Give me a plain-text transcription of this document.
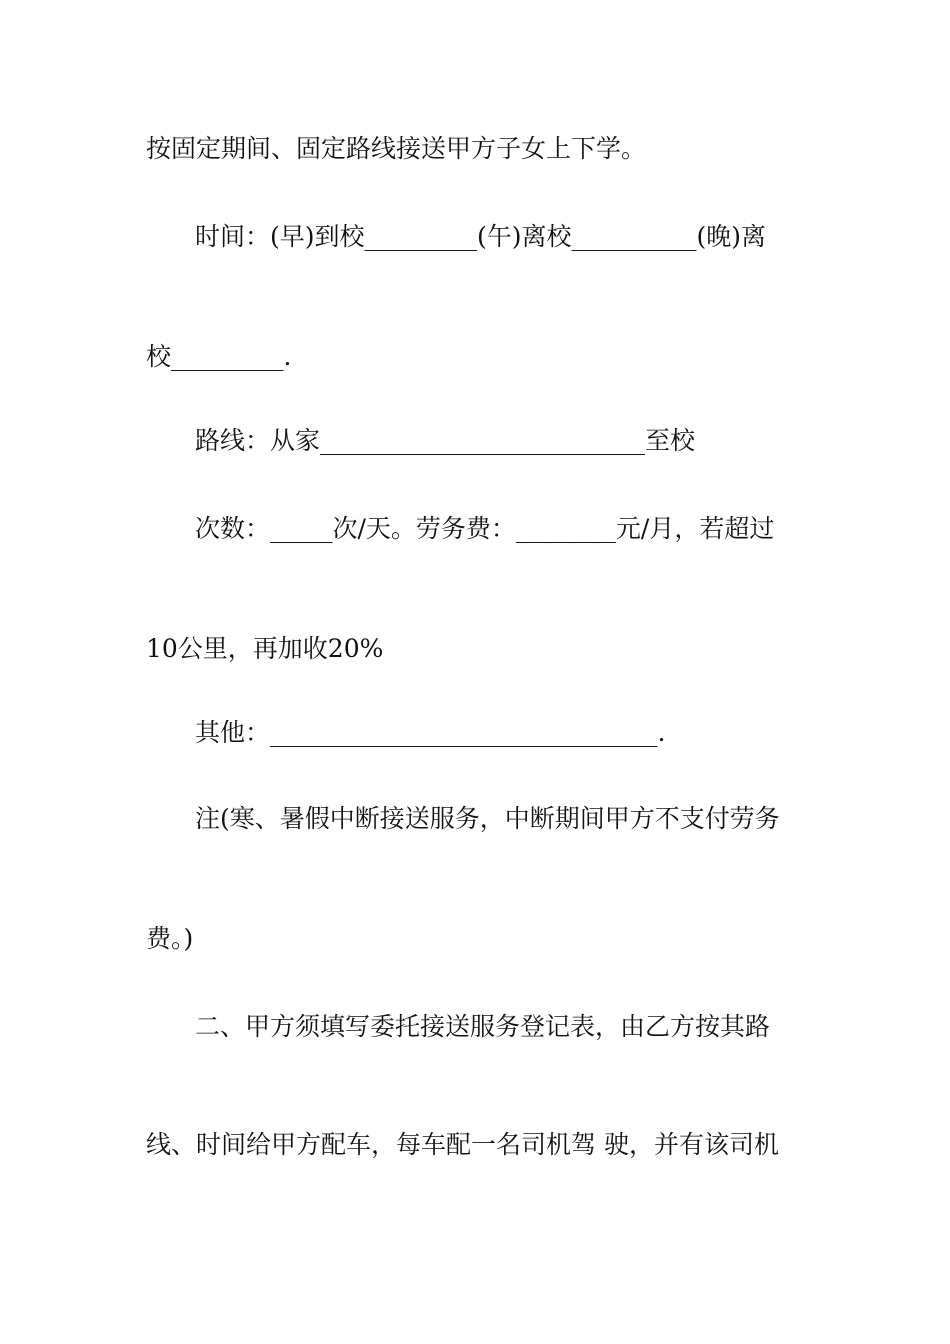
按固定期间、固定路线接送甲方子女上下学。

时间：(早)到校_________(午)离校__________(晚)离

校_________.

路线：从家__________________________至校

次数：_____次/天。劳务费：________元/月，若超过

10公里，再加收20%

其他：_______________________________.

注(寒、暑假中断接送服务，中断期间甲方不支付劳务

费。)

二、甲方须填写委托接送服务登记表，由乙方按其路

线、时间给甲方配车，每车配一名司机驾 驶，并有该司机
